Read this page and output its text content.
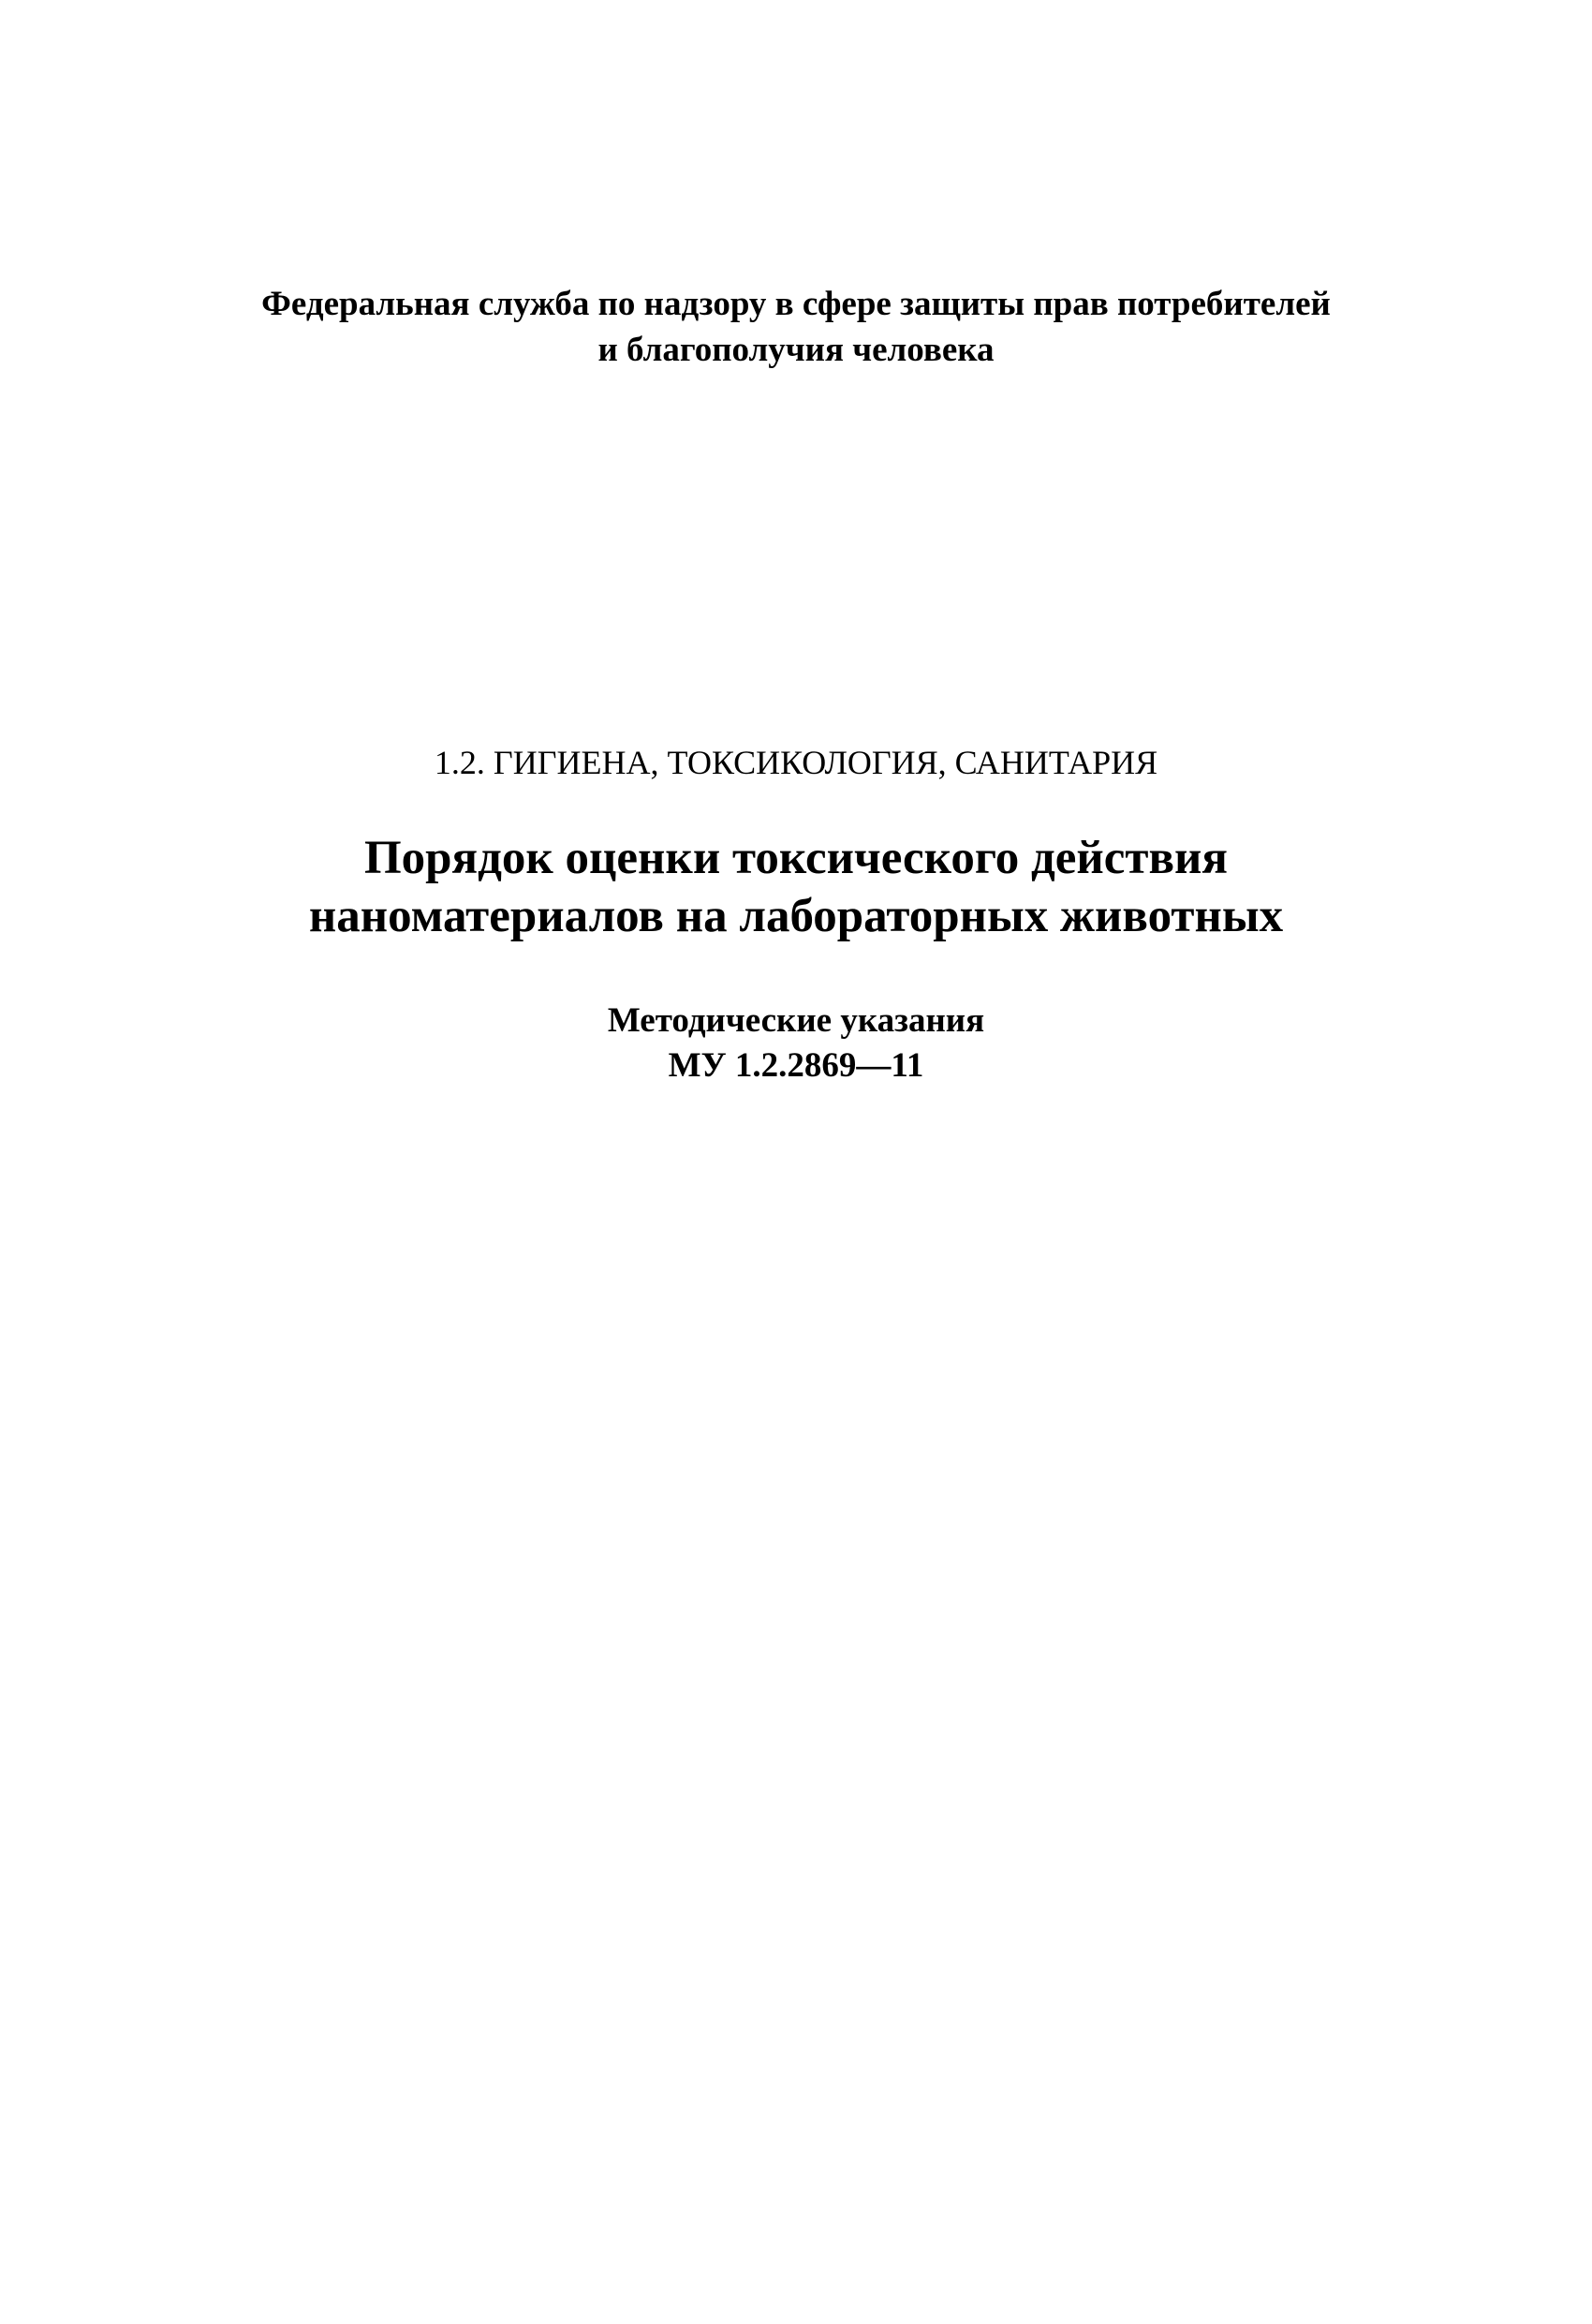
Федеральная служба по надзору в сфере защиты прав потребителей
и благополучия человека
1.2. ГИГИЕНА, ТОКСИКОЛОГИЯ, САНИТАРИЯ
Порядок оценки токсического действия
наноматериалов на лабораторных животных
Методические указания
МУ 1.2.2869—11
